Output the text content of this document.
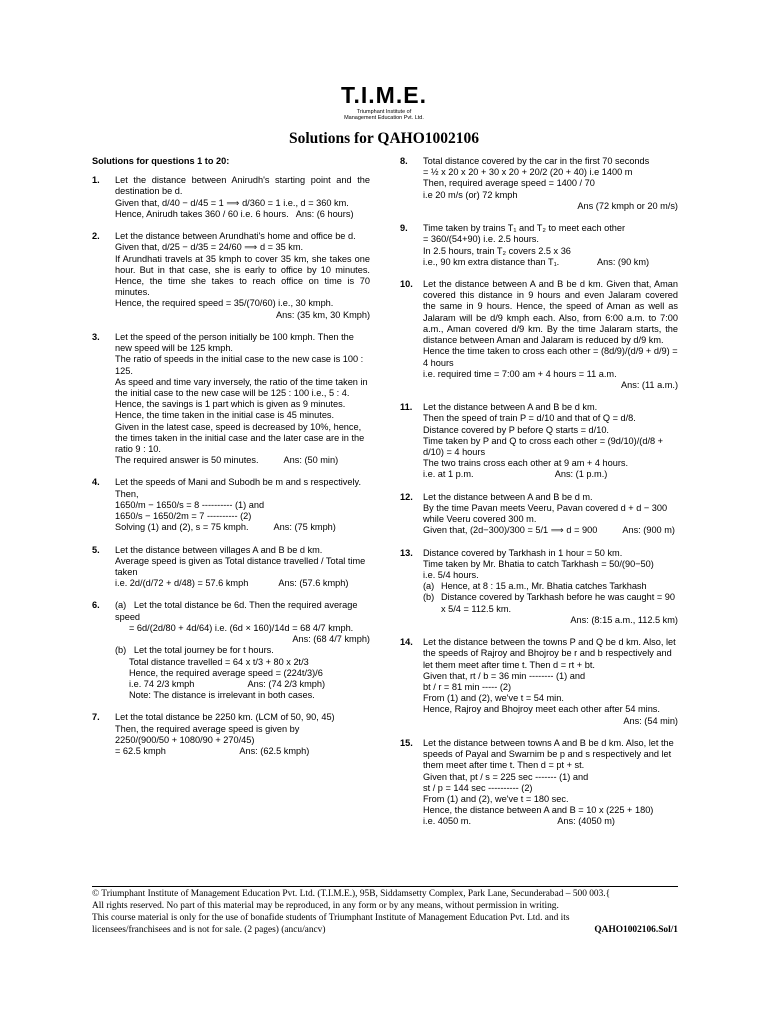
T.I.M.E.
Triumphant Institute of
Management Education Pvt. Ltd.
Solutions for QAHO1002106
Solutions for questions 1 to 20:
1. Let the distance between Anirudh's starting point and the destination be d.
Given that, d/40 − d/45 = 1 ⟹ d/360 = 1 i.e., d = 360 km.
Hence, Anirudh takes 360 / 60 i.e. 6 hours.   Ans: (6 hours)
2. Let the distance between Arundhati's home and office be d.
Given that, d/25 − d/35 = 24/60 ⟹ d = 35 km.
If Arundhati travels at 35 kmph to cover 35 km, she takes one hour. But in that case, she is early to office by 10 minutes. Hence, the time she takes to reach office on time is 70 minutes.
Hence, the required speed = 35/(70/60) i.e., 30 kmph.
Ans: (35 km, 30 Kmph)
3. Let the speed of the person initially be 100 kmph. Then the new speed will be 125 kmph.
The ratio of speeds in the initial case to the new case is 100 : 125.
As speed and time vary inversely, the ratio of the time taken in the initial case to the new case will be 125 : 100 i.e., 5 : 4. Hence, the savings is 1 part which is given as 9 minutes. Hence, the time taken in the initial case is 45 minutes.
Given in the latest case, speed is decreased by 10%, hence, the times taken in the initial case and the later case are in the ratio 9 : 10.
The required answer is 50 minutes.          Ans: (50 min)
4. Let the speeds of Mani and Subodh be m and s respectively. Then,
1650/m − 1650/s = 8 ---------- (1) and
1650/s − 1650/2m = 7 ---------- (2)
Solving (1) and (2), s = 75 kmph.          Ans: (75 kmph)
5. Let the distance between villages A and B be d km.
Average speed is given as Total distance travelled / Total time taken
i.e. 2d/(d/72 + d/48) = 57.6 kmph            Ans: (57.6 kmph)
6. (a)   Let the total distance be 6d. Then the required average speed
= 6d/(2d/80 + 4d/64) i.e. (6d × 160)/14d = 68 4/7 kmph.
Ans: (68 4/7 kmph)
(b)   Let the total journey be for t hours.
Total distance travelled = 64 x t/3 + 80 x 2t/3
Hence, the required average speed = (224t/3)/6
i.e. 74 2/3 kmph                     Ans: (74 2/3 kmph)
Note: The distance is irrelevant in both cases.
7. Let the total distance be 2250 km. (LCM of 50, 90, 45)
Then, the required average speed is given by
2250/(900/50 + 1080/90 + 270/45)
= 62.5 kmph                             Ans: (62.5 kmph)
8. Total distance covered by the car in the first 70 seconds
= ½ x 20 x 20 + 30 x 20 + 20/2 (20 + 40) i.e 1400 m
Then, required average speed = 1400 / 70
i.e 20 m/s (or) 72 kmph
Ans (72 kmph or 20 m/s)
9. Time taken by trains T₁ and T₂ to meet each other
= 360/(54+90) i.e. 2.5 hours.
In 2.5 hours, train T₂ covers 2.5 x 36
i.e., 90 km extra distance than T₁.               Ans: (90 km)
10. Let the distance between A and B be d km. Given that, Aman covered this distance in 9 hours and even Jalaram covered the same in 9 hours. Hence, the speed of Aman as well as Jalaram will be d/9 kmph each. Also, from 6:00 a.m. to 7:00 a.m., Aman covered d/9 km. By the time Jalaram starts, the distance between Aman and Jalaram is reduced by d/9 km.
Hence the time taken to cross each other = (8d/9)/(d/9 + d/9) = 4 hours
i.e. required time = 7:00 am + 4 hours = 11 a.m.
Ans: (11 a.m.)
11. Let the distance between A and B be d km.
Then the speed of train P = d/10 and that of Q = d/8.
Distance covered by P before Q starts = d/10.
Time taken by P and Q to cross each other = (9d/10)/(d/8 + d/10) = 4 hours
The two trains cross each other at 9 am + 4 hours.
i.e. at 1 p.m.                                Ans: (1 p.m.)
12. Let the distance between A and B be d m.
By the time Pavan meets Veeru, Pavan covered d + d − 300 while Veeru covered 300 m.
Given that, (2d−300)/300 = 5/1 ⟹ d = 900          Ans: (900 m)
13. Distance covered by Tarkhash in 1 hour = 50 km.
Time taken by Mr. Bhatia to catch Tarkhash = 50/(90−50)
i.e. 5/4 hours.
(a) Hence, at 8 : 15 a.m., Mr. Bhatia catches Tarkhash
(b) Distance covered by Tarkhash before he was caught = 90 x 5/4 = 112.5 km.
Ans: (8:15 a.m., 112.5 km)
14. Let the distance between the towns P and Q be d km. Also, let the speeds of Rajroy and Bhojroy be r and b respectively and let them meet after time t. Then d = rt + bt.
Given that, rt / b = 36 min -------- (1) and
bt / r = 81 min ----- (2)
From (1) and (2), we've t = 54 min.
Hence, Rajroy and Bhojroy meet each other after 54 mins.
Ans: (54 min)
15. Let the distance between towns A and B be d km. Also, let the speeds of Payal and Swarnim be p and s respectively and let them meet after time t. Then d = pt + st.
Given that, pt / s = 225 sec ------- (1) and
st / p = 144 sec ---------- (2)
From (1) and (2), we've t = 180 sec.
Hence, the distance between A and B = 10 x (225 + 180)
i.e. 4050 m.                                  Ans: (4050 m)
© Triumphant Institute of Management Education Pvt. Ltd. (T.I.M.E.), 95B, Siddamsetty Complex, Park Lane, Secunderabad – 500 003.{
All rights reserved. No part of this material may be reproduced, in any form or by any means, without permission in writing.
This course material is only for the use of bonafide students of Triumphant Institute of Management Education Pvt. Ltd. and its
QAHO1002106.Sol/1
licensees/franchisees and is not for sale. (2 pages) (ancu/ancv)
